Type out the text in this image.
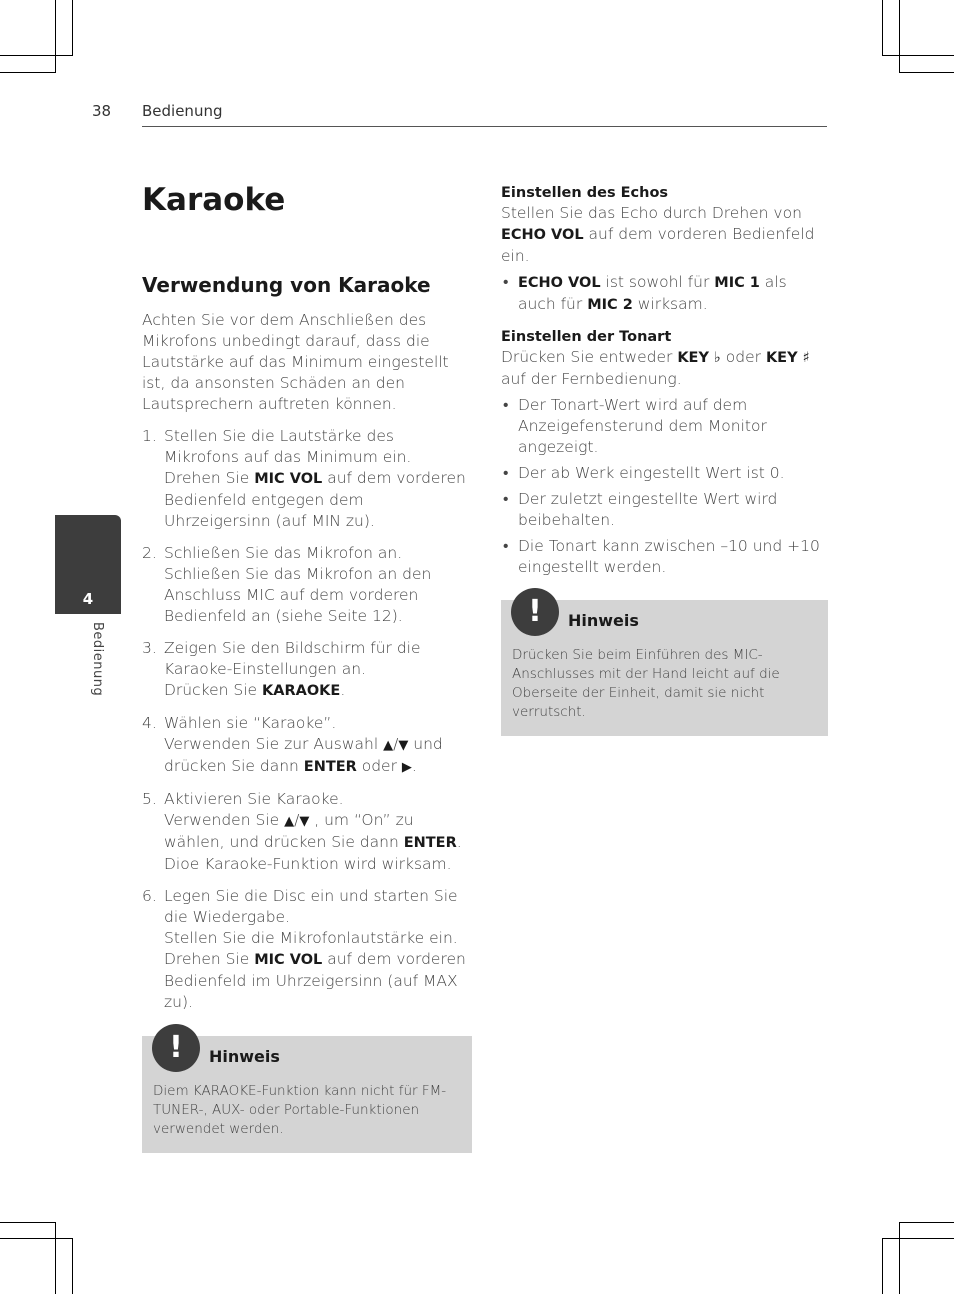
38 Bedienung
4
Bedienung
Karaoke
Verwendung von Karaoke

Achten Sie vor dem Anschließen des Mikrofons unbedingt darauf, dass die Lautstärke auf das Minimum eingestellt ist, da ansonsten Schäden an den Lautsprechern auftreten können.

1. Stellen Sie die Lautstärke des Mikrofons auf das Minimum ein.
Drehen Sie MIC VOL auf dem vorderen Bedienfeld entgegen dem Uhrzeigersinn (auf MIN zu).
2. Schließen Sie das Mikrofon an.
Schließen Sie das Mikrofon an den Anschluss MIC auf dem vorderen Bedienfeld an (siehe Seite 12).
3. Zeigen Sie den Bildschirm für die Karaoke-Einstellungen an.
Drücken Sie KARAOKE.
4. Wählen sie “Karaoke”.
Verwenden Sie zur Auswahl ▲/▼ und drücken Sie dann ENTER oder ▶.
5. Aktivieren Sie Karaoke.
Verwenden Sie ▲/▼ , um “On” zu wählen, und drücken Sie dann ENTER.
Dioe Karaoke-Funktion wird wirksam.
6. Legen Sie die Disc ein und starten Sie die Wiedergabe.
Stellen Sie die Mikrofonlautstärke ein.
Drehen Sie MIC VOL auf dem vorderen Bedienfeld im Uhrzeigersinn (auf MAX zu).
!	Hinweis
Diem KARAOKE-Funktion kann nicht für FM-TUNER-, AUX- oder Portable-Funktionen verwendet werden.
Einstellen des Echos

Stellen Sie das Echo durch Drehen von ECHO VOL auf dem vorderen Bedienfeld ein.

• ECHO VOL ist sowohl für MIC 1 als auch für MIC 2 wirksam.
Einstellen der Tonart

Drücken Sie entweder KEY ♭ oder KEY ♯ auf der Fernbedienung.

• Der Tonart-Wert wird auf dem Anzeigefensterund dem Monitor angezeigt.
• Der ab Werk eingestellt Wert ist 0.
• Der zuletzt eingestellte Wert wird beibehalten.
• Die Tonart kann zwischen –10 und +10 eingestellt werden.
!	Hinweis
Drücken Sie beim Einführen des MIC-Anschlusses mit der Hand leicht auf die Oberseite der Einheit, damit sie nicht verrutscht.
